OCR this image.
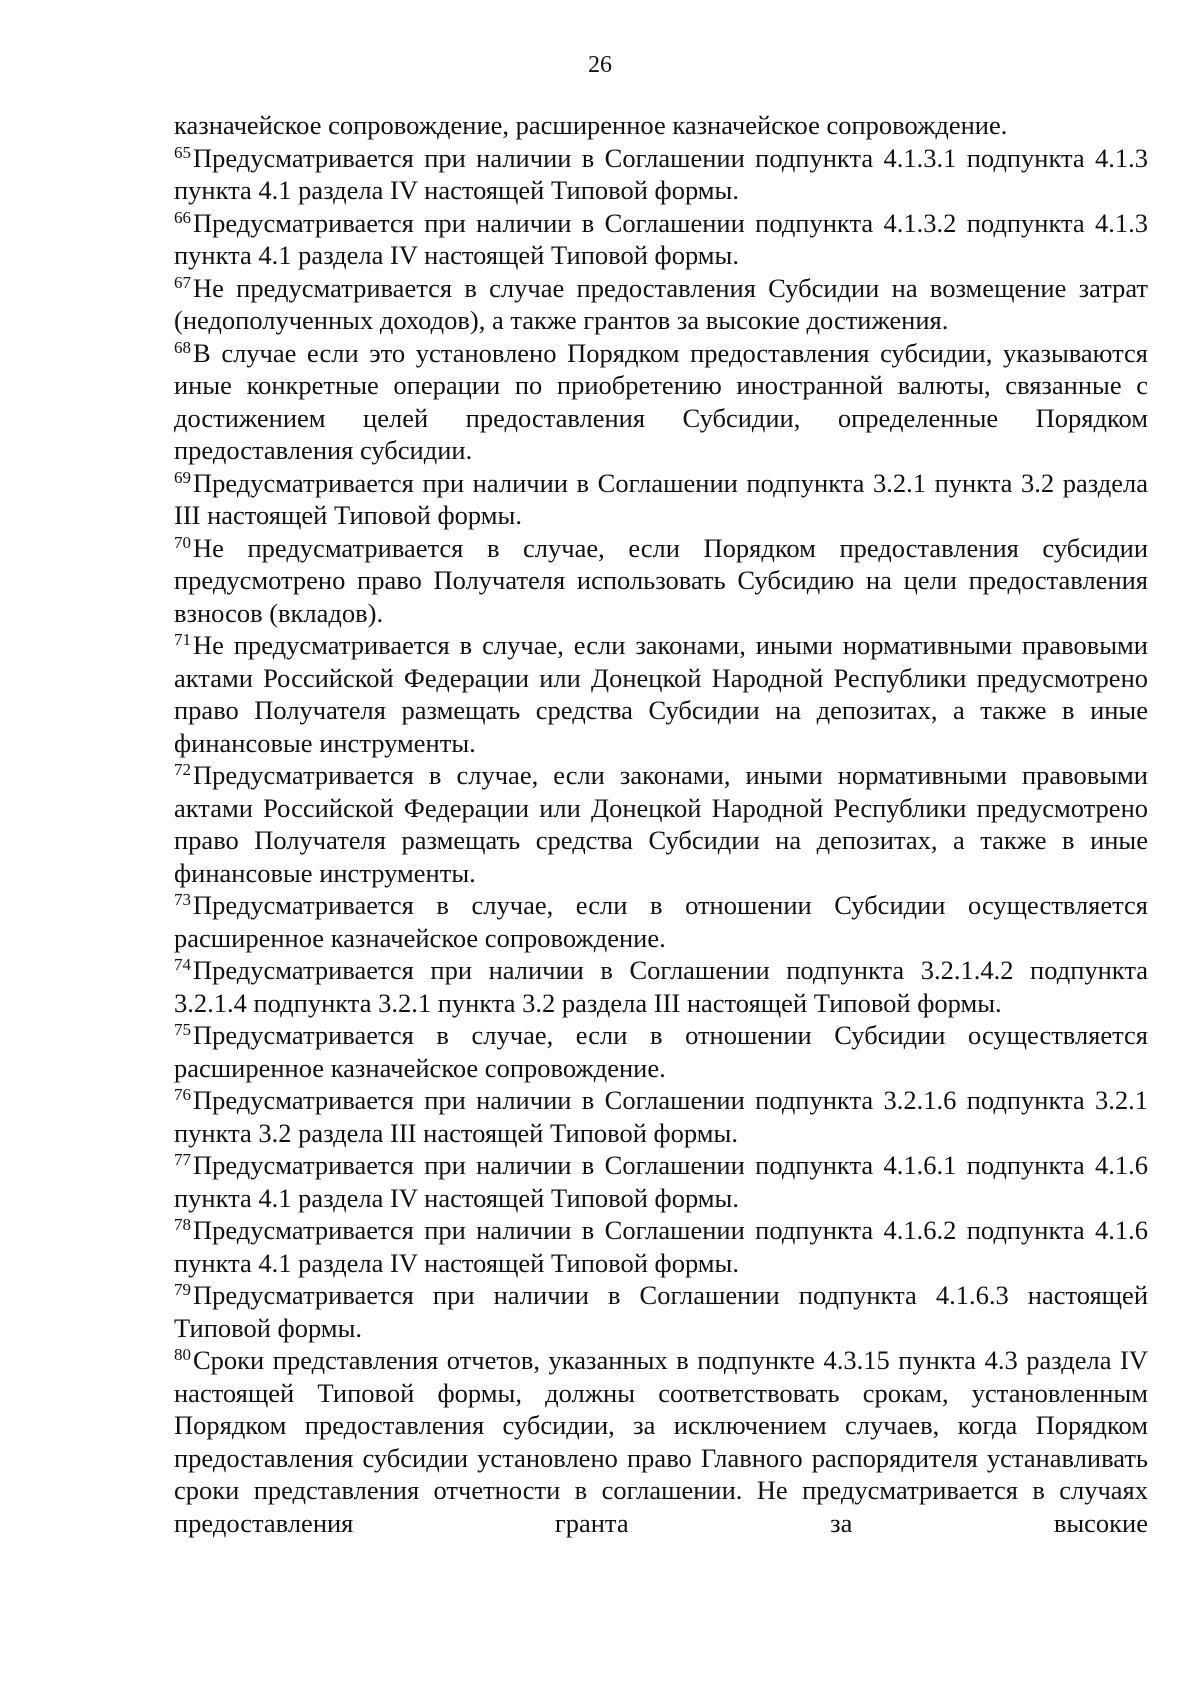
26

казначейское сопровождение, расширенное казначейское сопровождение.

$^{65}$Предусматривается при наличии в Соглашении подпункта 4.1.3.1 подпункта 4.1.3 пункта 4.1 раздела IV настоящей Типовой формы.

$^{66}$Предусматривается при наличии в Соглашении подпункта 4.1.3.2 подпункта 4.1.3 пункта 4.1 раздела IV настоящей Типовой формы.

$^{67}$Не предусматривается в случае предоставления Субсидии на возмещение затрат (недополученных доходов), а также грантов за высокие достижения.

$^{68}$В случае если это установлено Порядком предоставления субсидии, указываются иные конкретные операции по приобретению иностранной валюты, связанные с достижением целей предоставления Субсидии, определенные Порядком предоставления субсидии.

$^{69}$Предусматривается при наличии в Соглашении подпункта 3.2.1 пункта 3.2 раздела III настоящей Типовой формы.

$^{70}$Не предусматривается в случае, если Порядком предоставления субсидии предусмотрено право Получателя использовать Субсидию на цели предоставления взносов (вкладов).

$^{71}$Не предусматривается в случае, если законами, иными нормативными правовыми актами Российской Федерации или Донецкой Народной Республики предусмотрено право Получателя размещать средства Субсидии на депозитах, а также в иные финансовые инструменты.

$^{72}$Предусматривается в случае, если законами, иными нормативными правовыми актами Российской Федерации или Донецкой Народной Республики предусмотрено право Получателя размещать средства Субсидии на депозитах, а также в иные финансовые инструменты.

$^{73}$Предусматривается в случае, если в отношении Субсидии осуществляется расширенное казначейское сопровождение.

$^{74}$Предусматривается при наличии в Соглашении подпункта 3.2.1.4.2 подпункта 3.2.1.4 подпункта 3.2.1 пункта 3.2 раздела III настоящей Типовой формы.

$^{75}$Предусматривается в случае, если в отношении Субсидии осуществляется расширенное казначейское сопровождение.

$^{76}$Предусматривается при наличии в Соглашении подпункта 3.2.1.6 подпункта 3.2.1 пункта 3.2 раздела III настоящей Типовой формы.

$^{77}$Предусматривается при наличии в Соглашении подпункта 4.1.6.1 подпункта 4.1.6 пункта 4.1 раздела IV настоящей Типовой формы.

$^{78}$Предусматривается при наличии в Соглашении подпункта 4.1.6.2 подпункта 4.1.6 пункта 4.1 раздела IV настоящей Типовой формы.

$^{79}$Предусматривается при наличии в Соглашении подпункта 4.1.6.3 настоящей Типовой формы.

$^{80}$Сроки представления отчетов, указанных в подпункте 4.3.15 пункта 4.3 раздела IV настоящей Типовой формы, должны соответствовать срокам, установленным Порядком предоставления субсидии, за исключением случаев, когда Порядком предоставления субсидии установлено право Главного распорядителя устанавливать сроки представления отчетности в соглашении. Не предусматривается в случаях предоставления гранта за высокие
